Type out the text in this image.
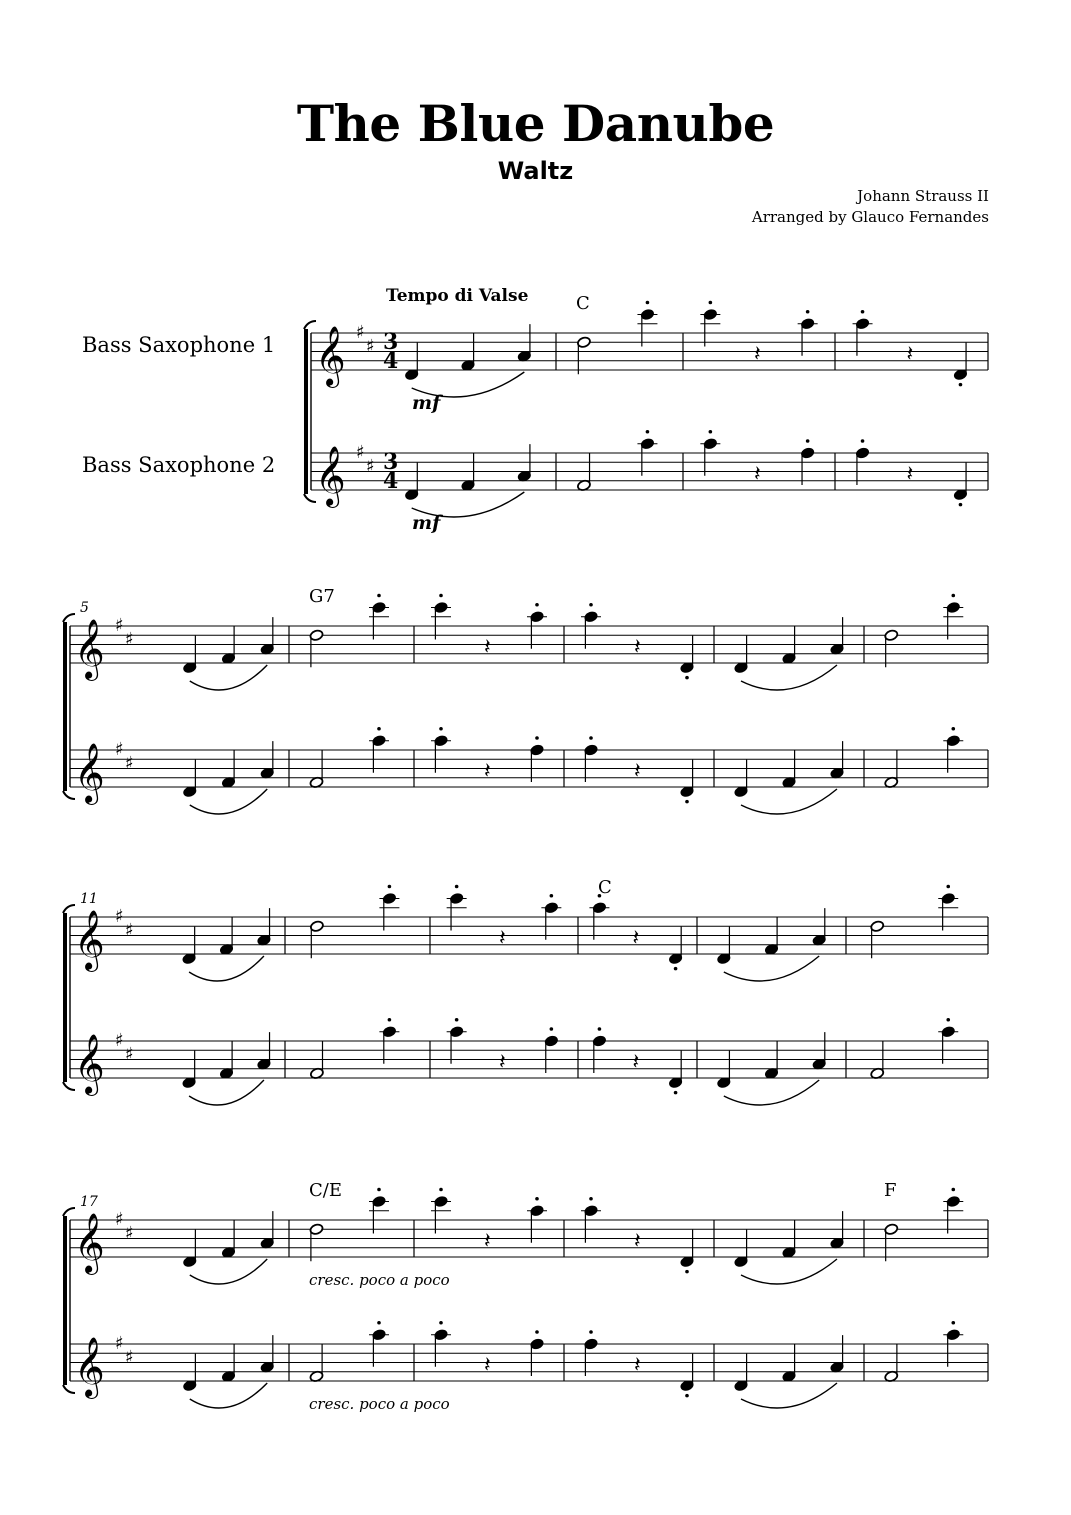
The Blue Danube
Waltz
Johann Strauss II
Arranged by Glauco Fernandes
Bass Saxophone 1
Bass Saxophone 2
Tempo di Valse
𝄞 ♯
♯ 3
4	𝄽	𝄽
𝄞 ♯
♯ 3
4	𝄽	𝄽
C
𝄞 ♯
♯	𝄽	𝄽
𝄞 ♯
♯	𝄽	𝄽
5
G7
𝄞 ♯
♯	𝄽	𝄽
𝄞 ♯
♯	𝄽	𝄽
11
C
𝄞 ♯
♯	𝄽	𝄽
𝄞 ♯
♯	𝄽	𝄽
17
C/E	F
mf
mf
cresc. poco a poco
cresc. poco a poco
